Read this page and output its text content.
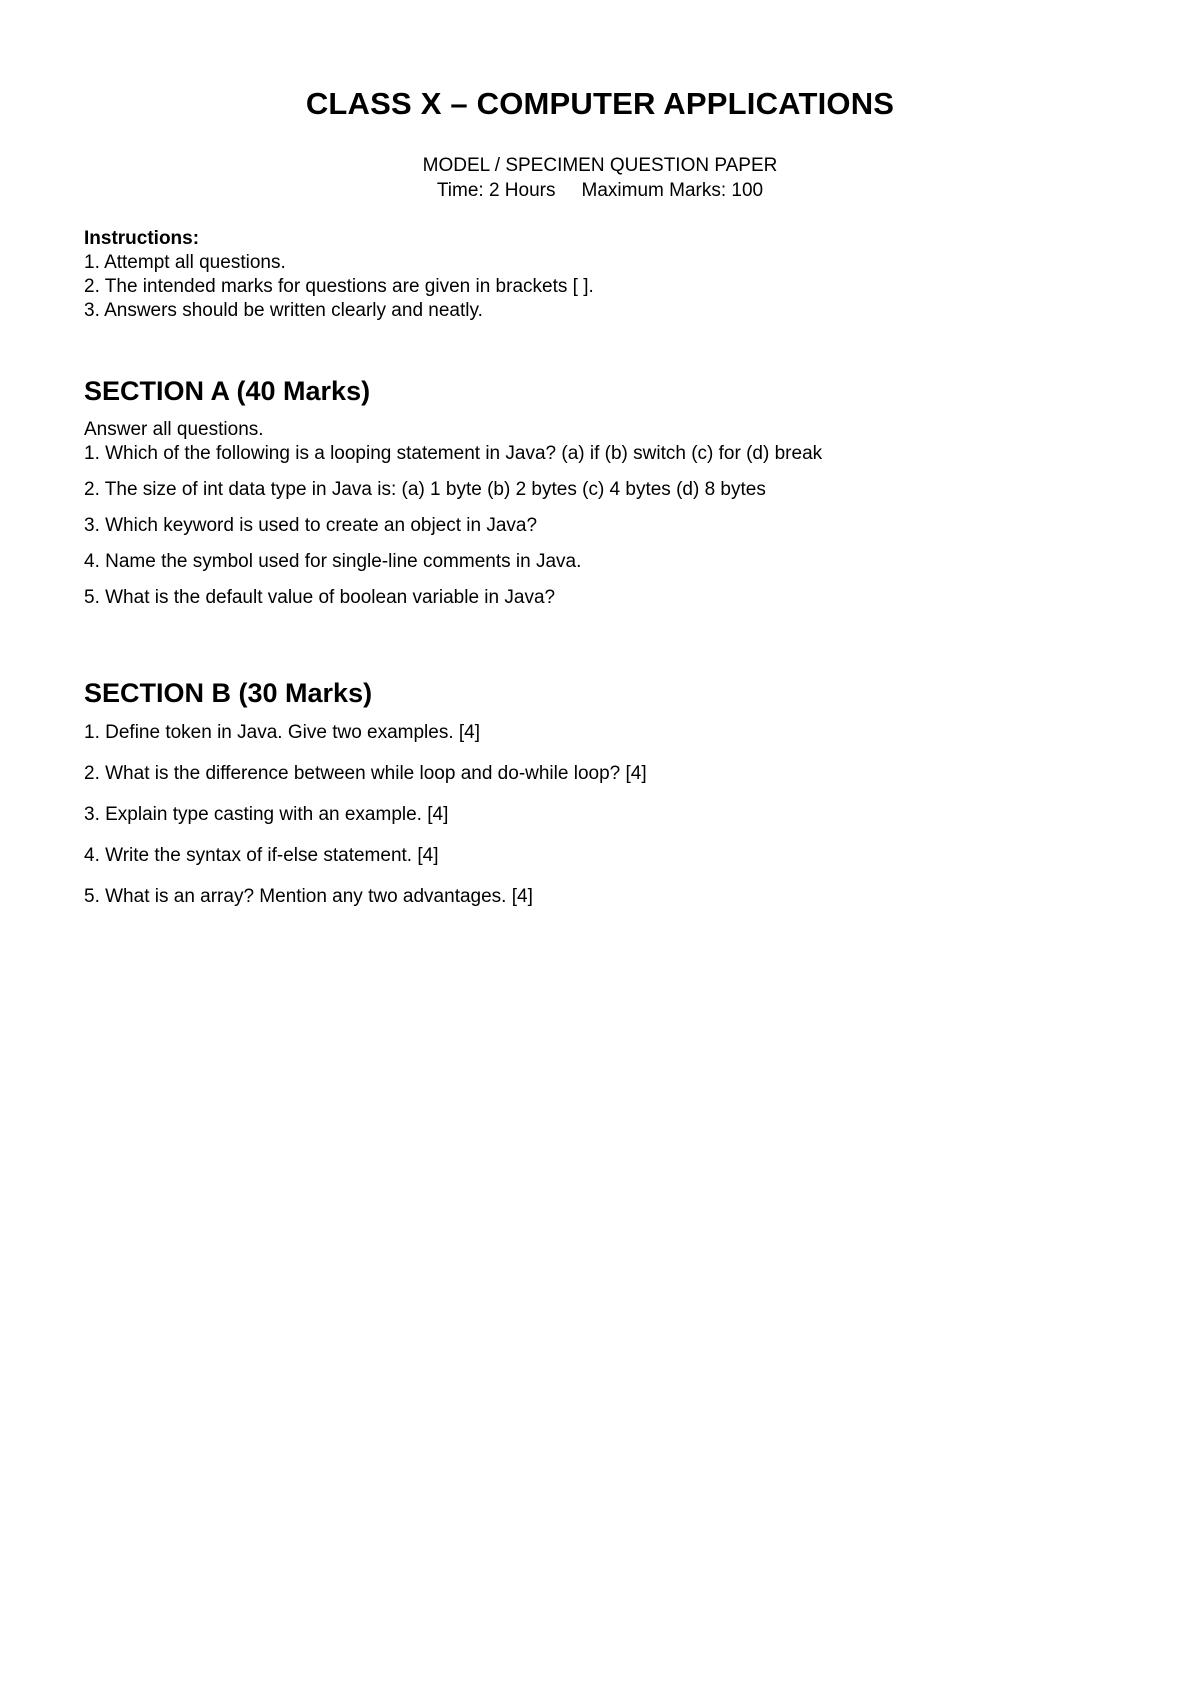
CLASS X – COMPUTER APPLICATIONS
MODEL / SPECIMEN QUESTION PAPER
Time: 2 Hours Maximum Marks: 100
Instructions:
1. Attempt all questions.
2. The intended marks for questions are given in brackets [ ].
3. Answers should be written clearly and neatly.
SECTION A (40 Marks)
Answer all questions.
1. Which of the following is a looping statement in Java? (a) if (b) switch (c) for (d) break
2. The size of int data type in Java is: (a) 1 byte (b) 2 bytes (c) 4 bytes (d) 8 bytes
3. Which keyword is used to create an object in Java?
4. Name the symbol used for single-line comments in Java.
5. What is the default value of boolean variable in Java?
SECTION B (30 Marks)
1. Define token in Java. Give two examples. [4]
2. What is the difference between while loop and do-while loop? [4]
3. Explain type casting with an example. [4]
4. Write the syntax of if-else statement. [4]
5. What is an array? Mention any two advantages. [4]
